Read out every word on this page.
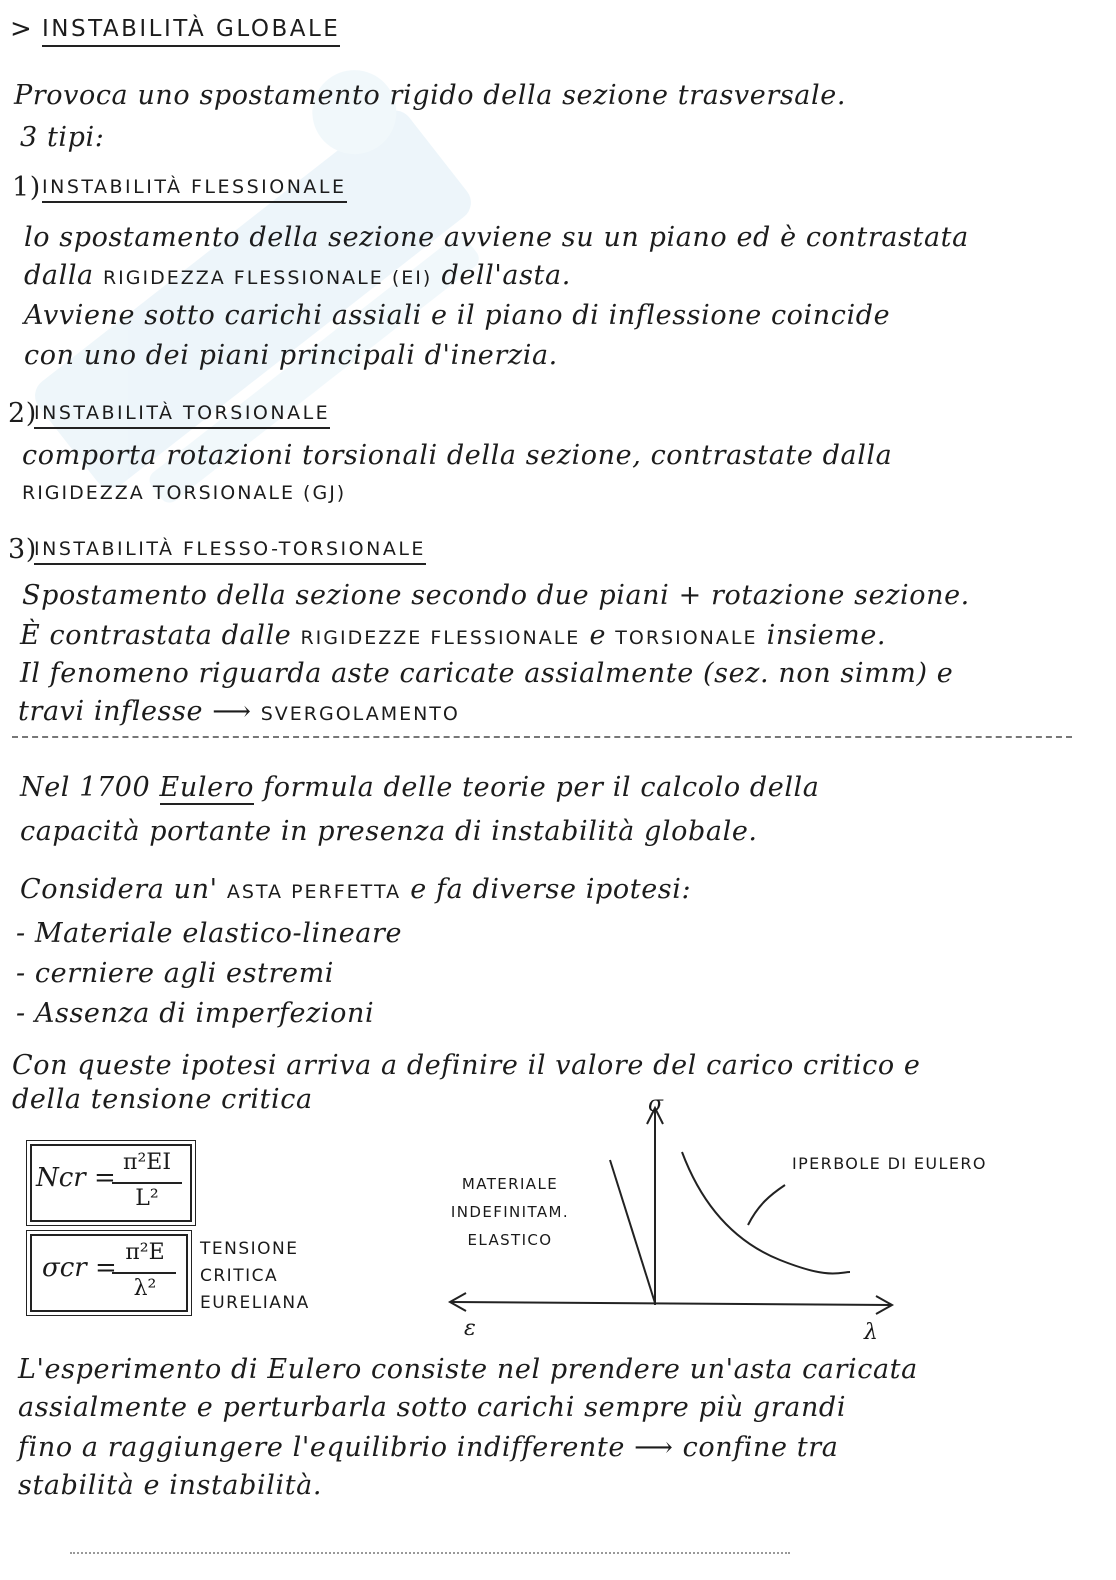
> INSTABILITÀ GLOBALE
Provoca uno spostamento rigido della sezione trasversale.
3 tipi:
1) INSTABILITÀ FLESSIONALE
lo spostamento della sezione avviene su un piano ed è contrastata
dalla RIGIDEZZA FLESSIONALE (EI) dell'asta.
Avviene sotto carichi assiali e il piano di inflessione coincide
con uno dei piani principali d'inerzia.
2)
INSTABILITÀ TORSIONALE
comporta rotazioni torsionali della sezione, contrastate dalla
RIGIDEZZA TORSIONALE (GJ)
3)
INSTABILITÀ FLESSO-TORSIONALE
Spostamento della sezione secondo due piani + rotazione sezione.
È contrastata dalle RIGIDEZZE FLESSIONALE e TORSIONALE insieme.
Il fenomeno riguarda aste caricate assialmente (sez. non simm) e
travi inflesse ⟶ SVERGOLAMENTO
Nel 1700 Eulero formula delle teorie per il calcolo della
capacità portante in presenza di instabilità globale.
Considera un' ASTA PERFETTA e fa diverse ipotesi:
- Materiale elastico-lineare
- cerniere agli estremi
- Assenza di imperfezioni
Con queste ipotesi arriva a definire il valore del carico critico e
della tensione critica
Ncr =
π²EI
L²
σcr =
π²E
λ²
TENSIONE
CRITICA
EURELIANA
σ
λ
ε
MATERIALE
INDEFINITAM.
ELASTICO
IPERBOLE DI EULERO
L'esperimento di Eulero consiste nel prendere un'asta caricata
assialmente e perturbarla sotto carichi sempre più grandi
fino a raggiungere l'equilibrio indifferente ⟶ confine tra
stabilità e instabilità.
